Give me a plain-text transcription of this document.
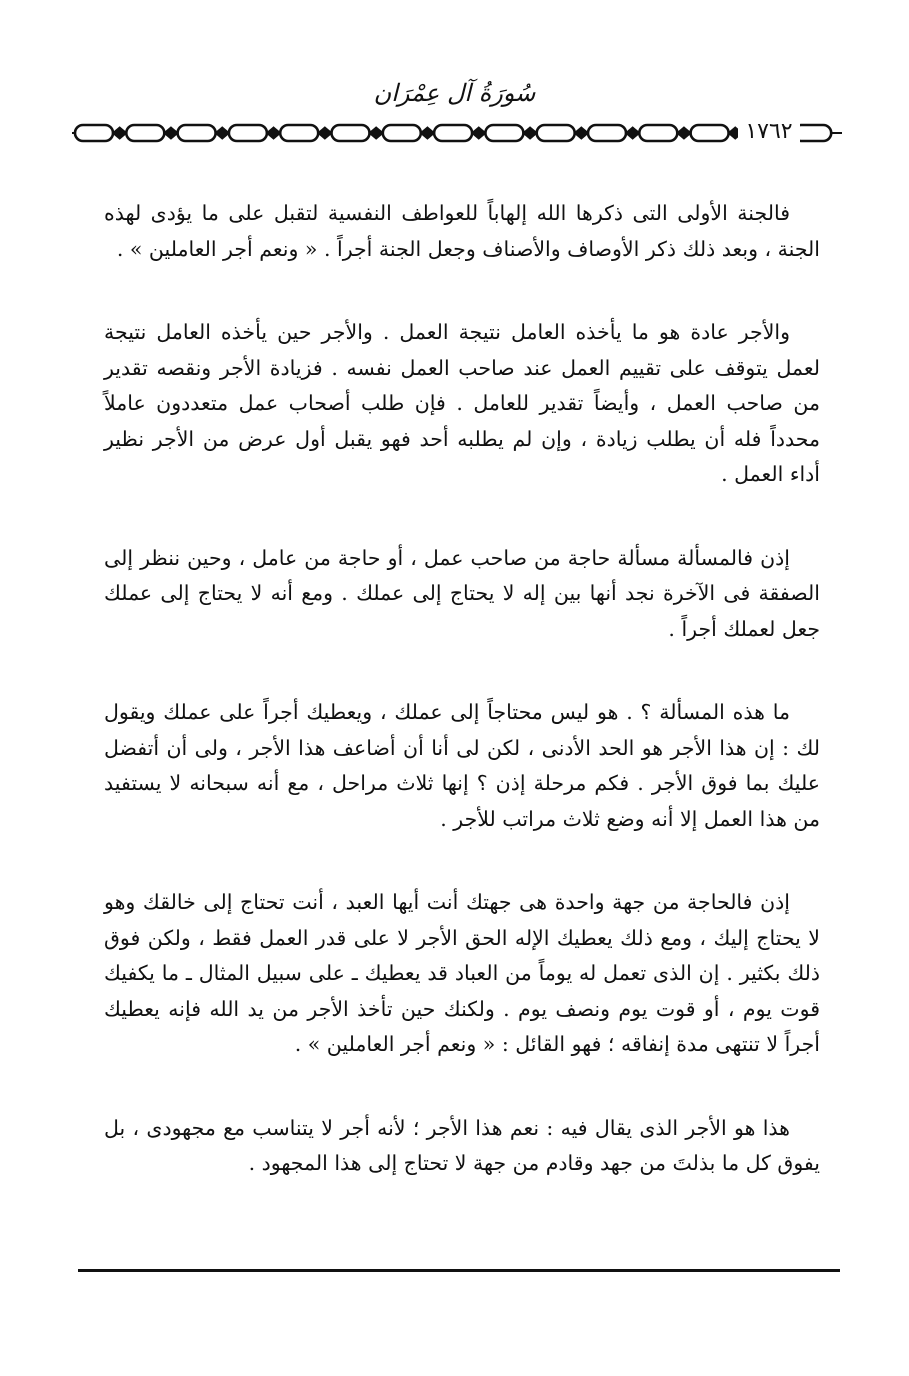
سُورَةُ آل عِمْرَان
١٧٦٢

فالجنة الأولى التى ذكرها الله إلهاباً للعواطف النفسية لتقبل على ما يؤدى لهذه الجنة ، وبعد ذلك ذكر الأوصاف والأصناف وجعل الجنة أجراً . « ونعم أجر العاملين » .

والأجر عادة هو ما يأخذه العامل نتيجة العمل . والأجر حين يأخذه العامل نتيجة لعمل يتوقف على تقييم العمل عند صاحب العمل نفسه . فزيادة الأجر ونقصه تقدير من صاحب العمل ، وأيضاً تقدير للعامل . فإن طلب أصحاب عمل متعددون عاملاً محدداً فله أن يطلب زيادة ، وإن لم يطلبه أحد فهو يقبل أول عرض من الأجر نظير أداء العمل .

إذن فالمسألة مسألة حاجة من صاحب عمل ، أو حاجة من عامل ، وحين ننظر إلى الصفقة فى الآخرة نجد أنها بين إله لا يحتاج إلى عملك . ومع أنه لا يحتاج إلى عملك جعل لعملك أجراً .

ما هذه المسألة ؟ . هو ليس محتاجاً إلى عملك ، ويعطيك أجراً على عملك ويقول لك : إن هذا الأجر هو الحد الأدنى ، لكن لى أنا أن أضاعف هذا الأجر ، ولى أن أتفضل عليك بما فوق الأجر . فكم مرحلة إذن ؟ إنها ثلاث مراحل ، مع أنه سبحانه لا يستفيد من هذا العمل إلا أنه وضع ثلاث مراتب للأجر .

إذن فالحاجة من جهة واحدة هى جهتك أنت أيها العبد ، أنت تحتاج إلى خالقك وهو لا يحتاج إليك ، ومع ذلك يعطيك الإله الحق الأجر لا على قدر العمل فقط ، ولكن فوق ذلك بكثير . إن الذى تعمل له يوماً من العباد قد يعطيك ـ على سبيل المثال ـ ما يكفيك قوت يوم ، أو قوت يوم ونصف يوم . ولكنك حين تأخذ الأجر من يد الله فإنه يعطيك أجراً لا تنتهى مدة إنفاقه ؛ فهو القائل : « ونعم أجر العاملين » .

هذا هو الأجر الذى يقال فيه : نعم هذا الأجر ؛ لأنه أجر لا يتناسب مع مجهودى ، بل يفوق كل ما بذلتَ من جهد وقادم من جهة لا تحتاج إلى هذا المجهود .
